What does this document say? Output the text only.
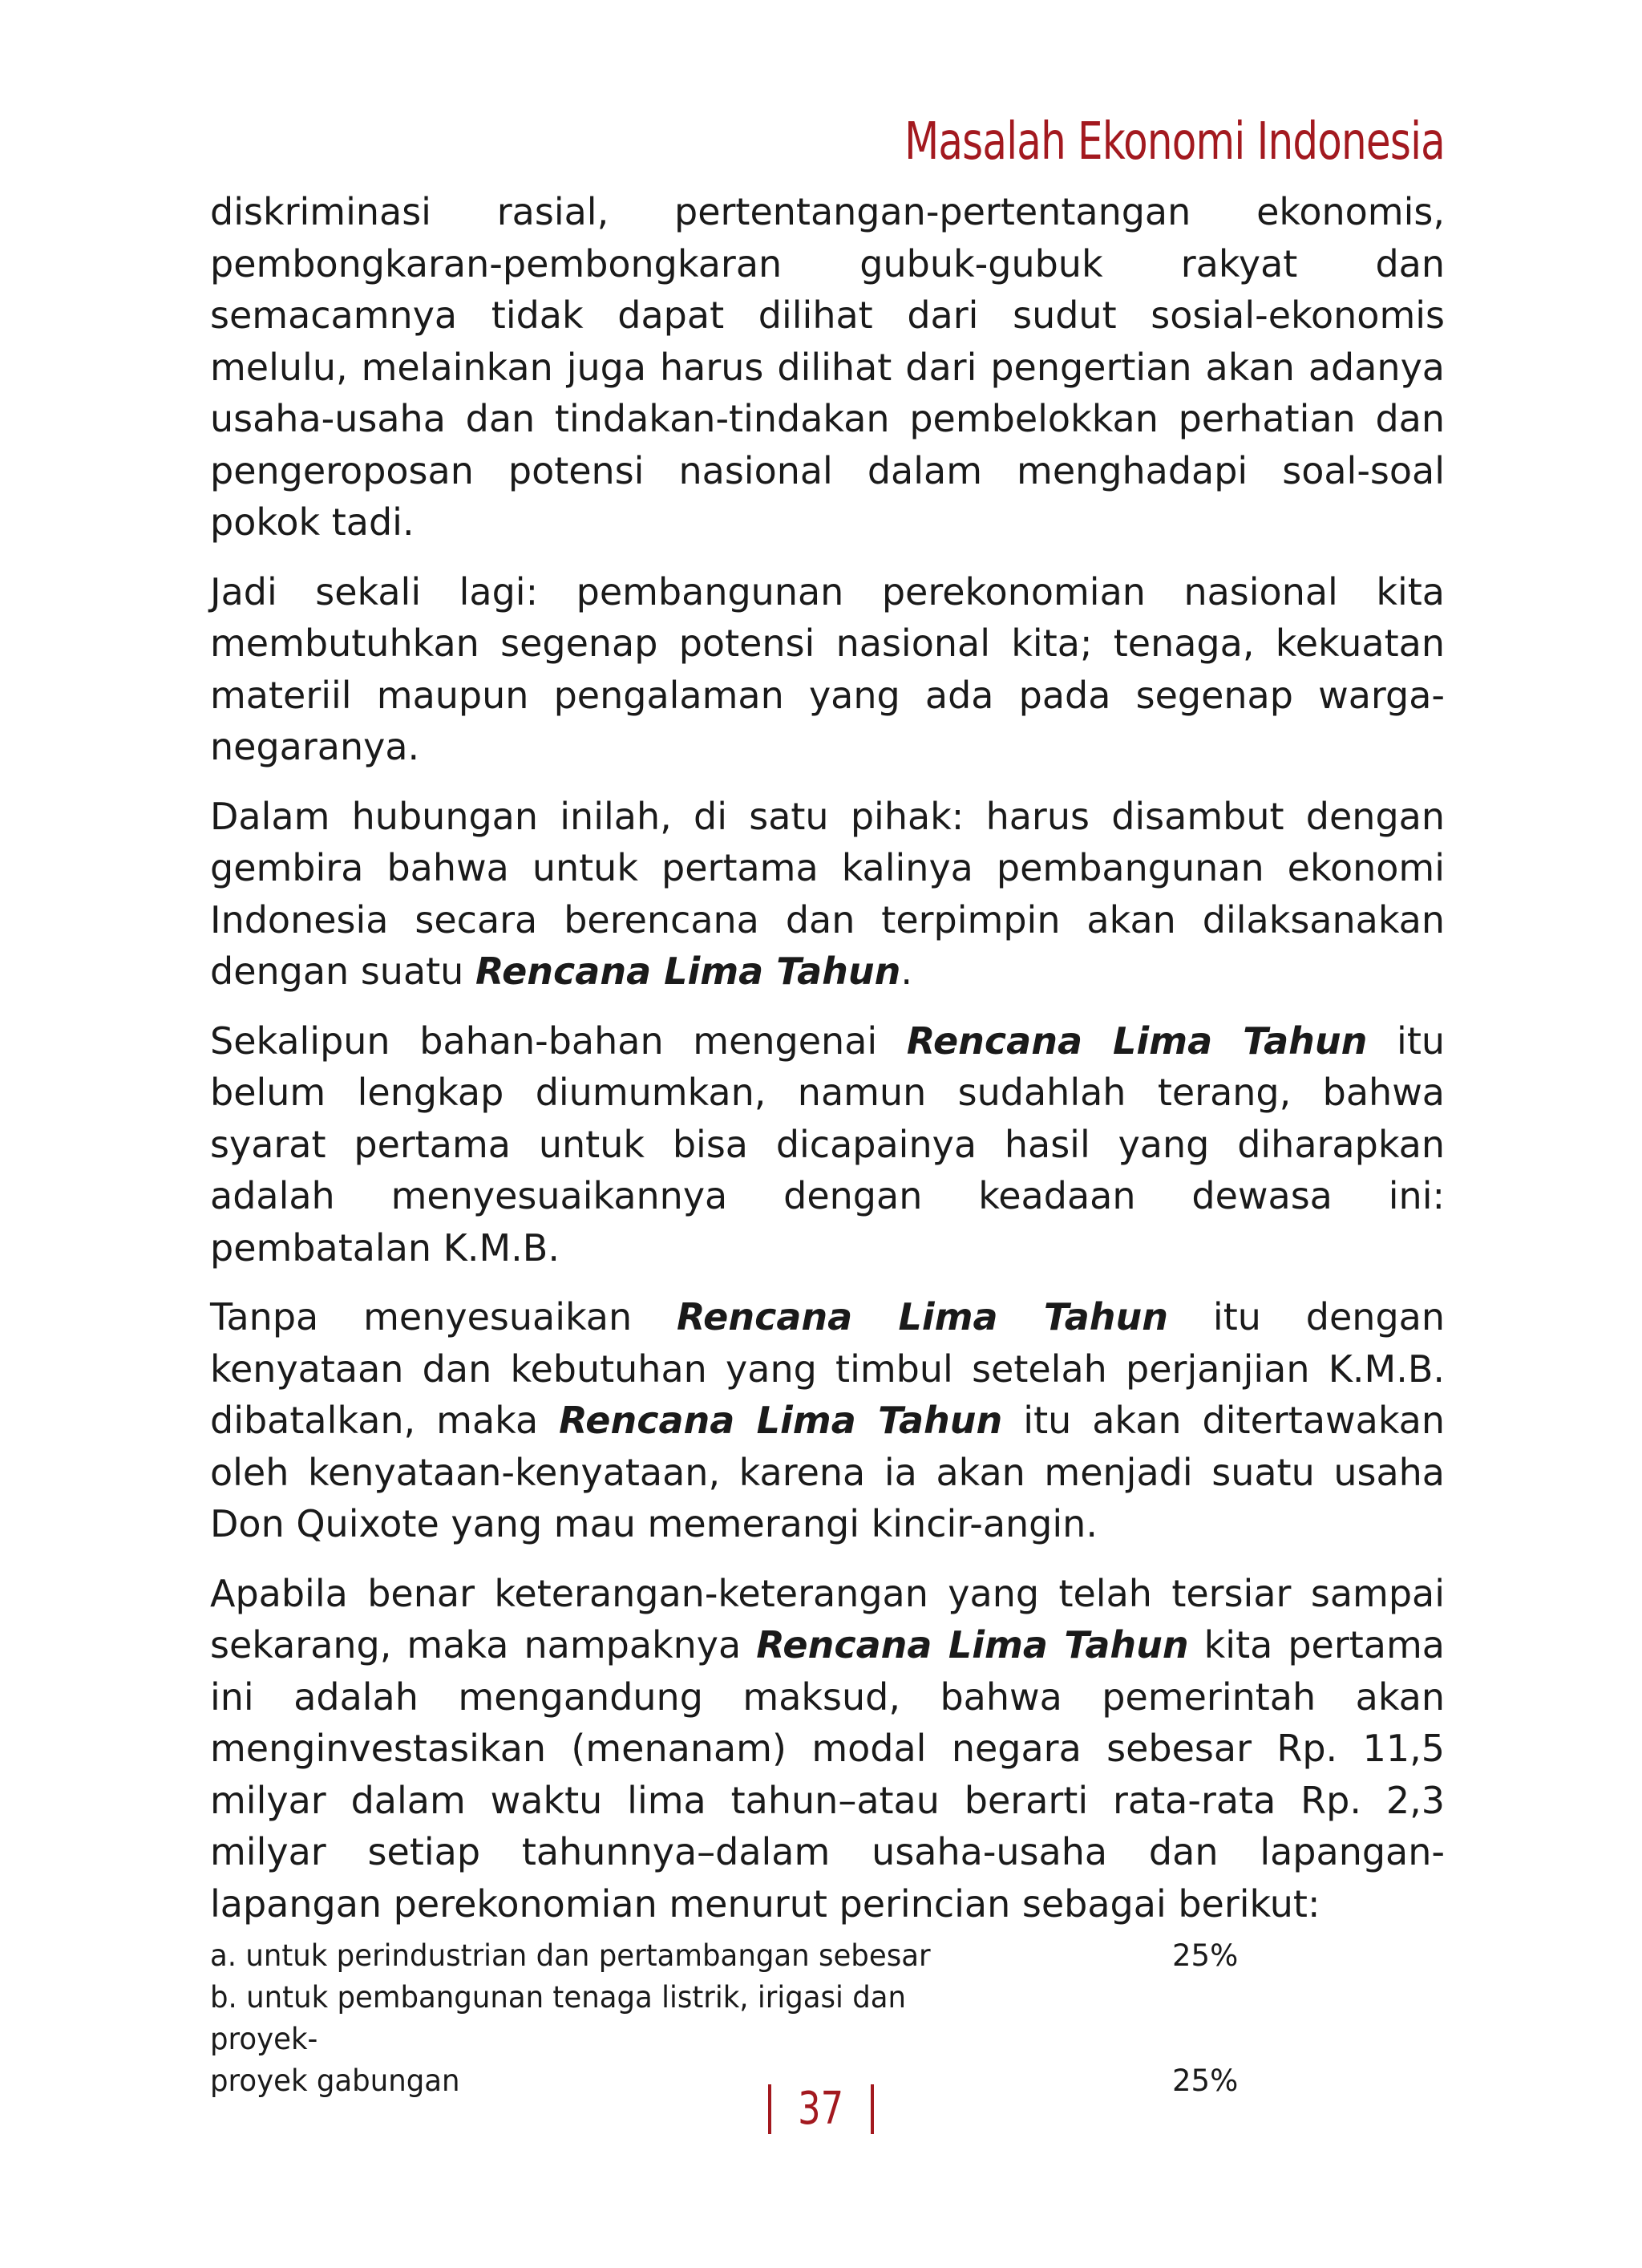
Masalah Ekonomi Indonesia

diskriminasi rasial, pertentangan-pertentangan ekonomis, pembongkaran-pembongkaran gubuk-gubuk rakyat dan semacamnya tidak dapat dilihat dari sudut sosial-ekonomis melulu, melainkan juga harus dilihat dari pengertian akan adanya usaha-usaha dan tindakan-tindakan pembelokkan perhatian dan pengeroposan potensi nasional dalam menghadapi soal-soal pokok tadi.

Jadi sekali lagi: pembangunan perekonomian nasional kita membutuhkan segenap potensi nasional kita; tenaga, kekuatan materiil maupun pengalaman yang ada pada segenap warga-negaranya.

Dalam hubungan inilah, di satu pihak: harus disambut dengan gembira bahwa untuk pertama kalinya pembangunan ekonomi Indonesia secara berencana dan terpimpin akan dilaksanakan dengan suatu Rencana Lima Tahun.

Sekalipun bahan-bahan mengenai Rencana Lima Tahun itu belum lengkap diumumkan, namun sudahlah terang, bahwa syarat pertama untuk bisa dicapainya hasil yang diharapkan adalah menyesuaikannya dengan keadaan dewasa ini: pembatalan K.M.B.

Tanpa menyesuaikan Rencana Lima Tahun itu dengan kenyataan dan kebutuhan yang timbul setelah perjanjian K.M.B. dibatalkan, maka Rencana Lima Tahun itu akan ditertawakan oleh kenyataan-kenyataan, karena ia akan menjadi suatu usaha Don Quixote yang mau memerangi kincir-angin.

Apabila benar keterangan-keterangan yang telah tersiar sampai sekarang, maka nampaknya Rencana Lima Tahun kita pertama ini adalah mengandung maksud, bahwa pemerintah akan menginvestasikan (menanam) modal negara sebesar Rp. 11,5 milyar dalam waktu lima tahun–atau berarti rata-rata Rp. 2,3 milyar setiap tahunnya–dalam usaha-usaha dan lapangan-lapangan perekonomian menurut perincian sebagai berikut:

a. untuk perindustrian dan pertambangan sebesar	25%
b. untuk pembangunan tenaga listrik, irigasi dan proyek-
proyek gabungan	25%
37
